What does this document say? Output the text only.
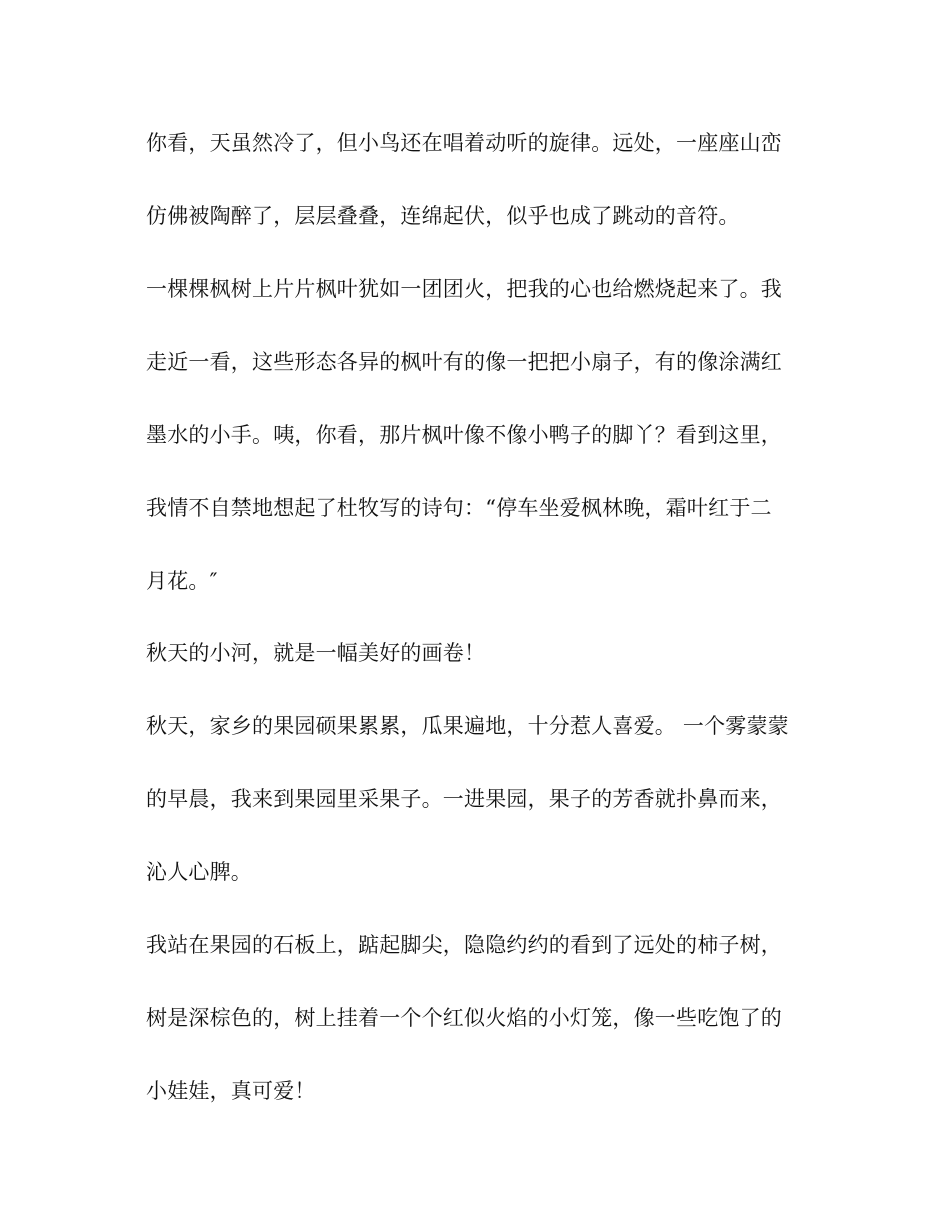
你看，天虽然冷了，但小鸟还在唱着动听的旋律。远处，一座座山峦
仿佛被陶醉了，层层叠叠，连绵起伏，似乎也成了跳动的音符。
一棵棵枫树上片片枫叶犹如一团团火，把我的心也给燃烧起来了。我
走近一看，这些形态各异的枫叶有的像一把把小扇子，有的像涂满红
墨水的小手。咦，你看，那片枫叶像不像小鸭子的脚丫？看到这里，
我情不自禁地想起了杜牧写的诗句：“停车坐爱枫林晚，霜叶红于二
月花。″
秋天的小河，就是一幅美好的画卷！
秋天，家乡的果园硕果累累，瓜果遍地，十分惹人喜爱。 一个雾蒙蒙
的早晨，我来到果园里采果子。一进果园，果子的芳香就扑鼻而来，
沁人心脾。
我站在果园的石板上，踮起脚尖，隐隐约约的看到了远处的柿子树，
树是深棕色的，树上挂着一个个红似火焰的小灯笼，像一些吃饱了的
小娃娃，真可爱！
